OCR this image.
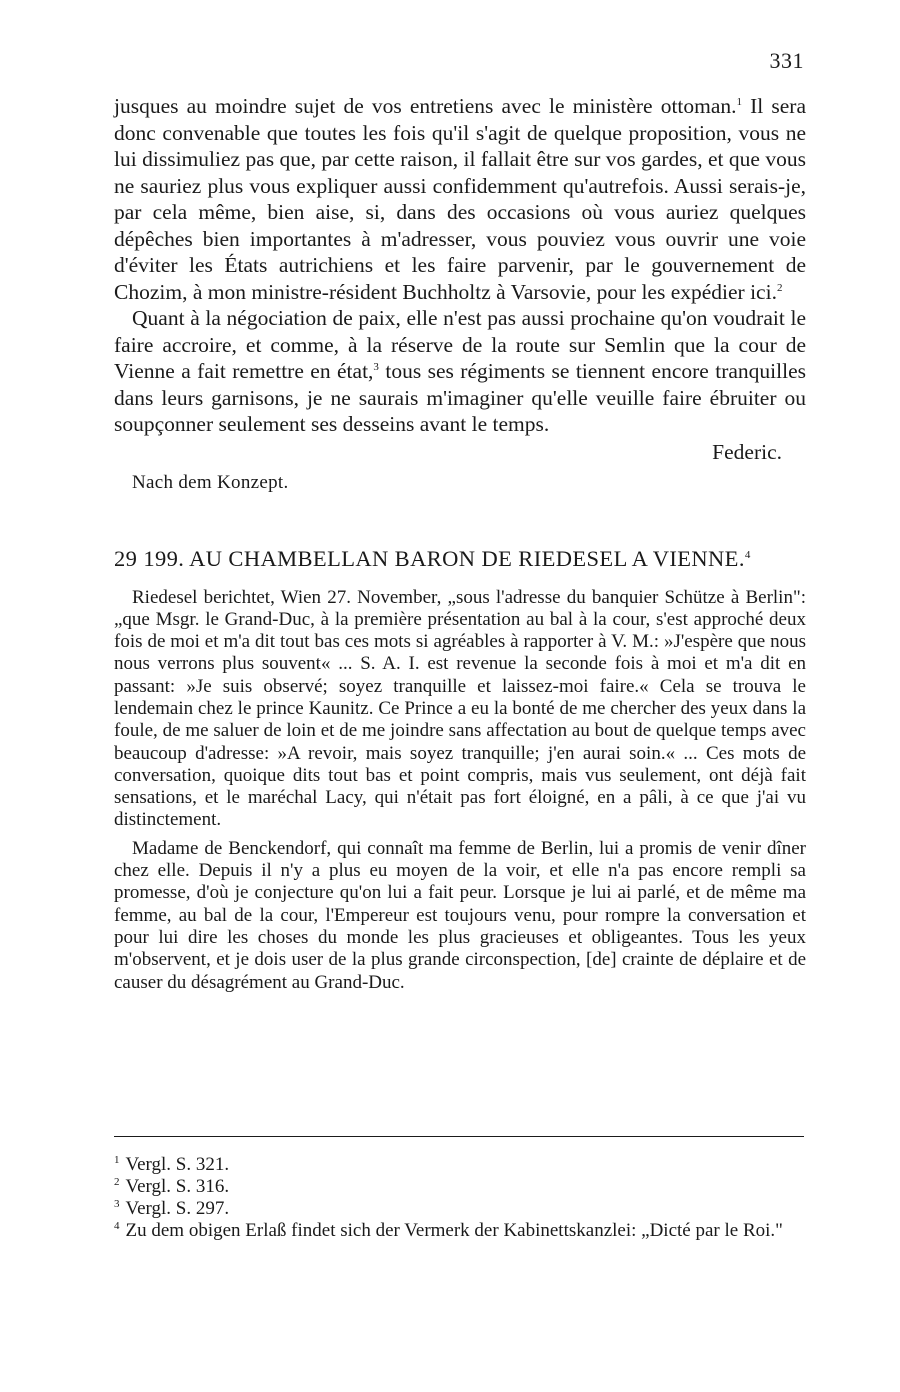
331

jusques au moindre sujet de vos entretiens avec le ministère ottoman.$^1$ Il sera donc convenable que toutes les fois qu'il s'agit de quelque proposition, vous ne lui dissimuliez pas que, par cette raison, il fallait être sur vos gardes, et que vous ne sauriez plus vous expliquer aussi confidemment qu'autrefois. Aussi serais-je, par cela même, bien aise, si, dans des occasions où vous auriez quelques dépêches bien importantes à m'adresser, vous pouviez vous ouvrir une voie d'éviter les États autrichiens et les faire parvenir, par le gouvernement de Chozim, à mon ministre-résident Buchholtz à Varsovie, pour les expédier ici.$^2$

Quant à la négociation de paix, elle n'est pas aussi prochaine qu'on voudrait le faire accroire, et comme, à la réserve de la route sur Semlin que la cour de Vienne a fait remettre en état,$^3$ tous ses régiments se tiennent encore tranquilles dans leurs garnisons, je ne saurais m'imaginer qu'elle veuille faire ébruiter ou soupçonner seulement ses desseins avant le temps.

Federic.

Nach dem Konzept.

29 199. AU CHAMBELLAN BARON DE RIEDESEL A VIENNE.$^4$

Riedesel berichtet, Wien 27. November, „sous l'adresse du banquier Schütze à Berlin": „que Msgr. le Grand-Duc, à la première présentation au bal à la cour, s'est approché deux fois de moi et m'a dit tout bas ces mots si agréables à rapporter à V. M.: »J'espère que nous nous verrons plus souvent« ... S. A. I. est revenue la seconde fois à moi et m'a dit en passant: »Je suis observé; soyez tranquille et laissez-moi faire.« Cela se trouva le lendemain chez le prince Kaunitz. Ce Prince a eu la bonté de me chercher des yeux dans la foule, de me saluer de loin et de me joindre sans affectation au bout de quelque temps avec beaucoup d'adresse: »A revoir, mais soyez tranquille; j'en aurai soin.« ... Ces mots de conversation, quoique dits tout bas et point compris, mais vus seulement, ont déjà fait sensations, et le maréchal Lacy, qui n'était pas fort éloigné, en a pâli, à ce que j'ai vu distinctement.

Madame de Benckendorf, qui connaît ma femme de Berlin, lui a promis de venir dîner chez elle. Depuis il n'y a plus eu moyen de la voir, et elle n'a pas encore rempli sa promesse, d'où je conjecture qu'on lui a fait peur. Lorsque je lui ai parlé, et de même ma femme, au bal de la cour, l'Empereur est toujours venu, pour rompre la conversation et pour lui dire les choses du monde les plus gracieuses et obligeantes. Tous les yeux m'observent, et je dois user de la plus grande circonspection, [de] crainte de déplaire et de causer du désagrément au Grand-Duc.

$^1$ Vergl. S. 321.
$^2$ Vergl. S. 316.
$^3$ Vergl. S. 297.
$^4$ Zu dem obigen Erlaß findet sich der Vermerk der Kabinettskanzlei: „Dicté par le Roi."
